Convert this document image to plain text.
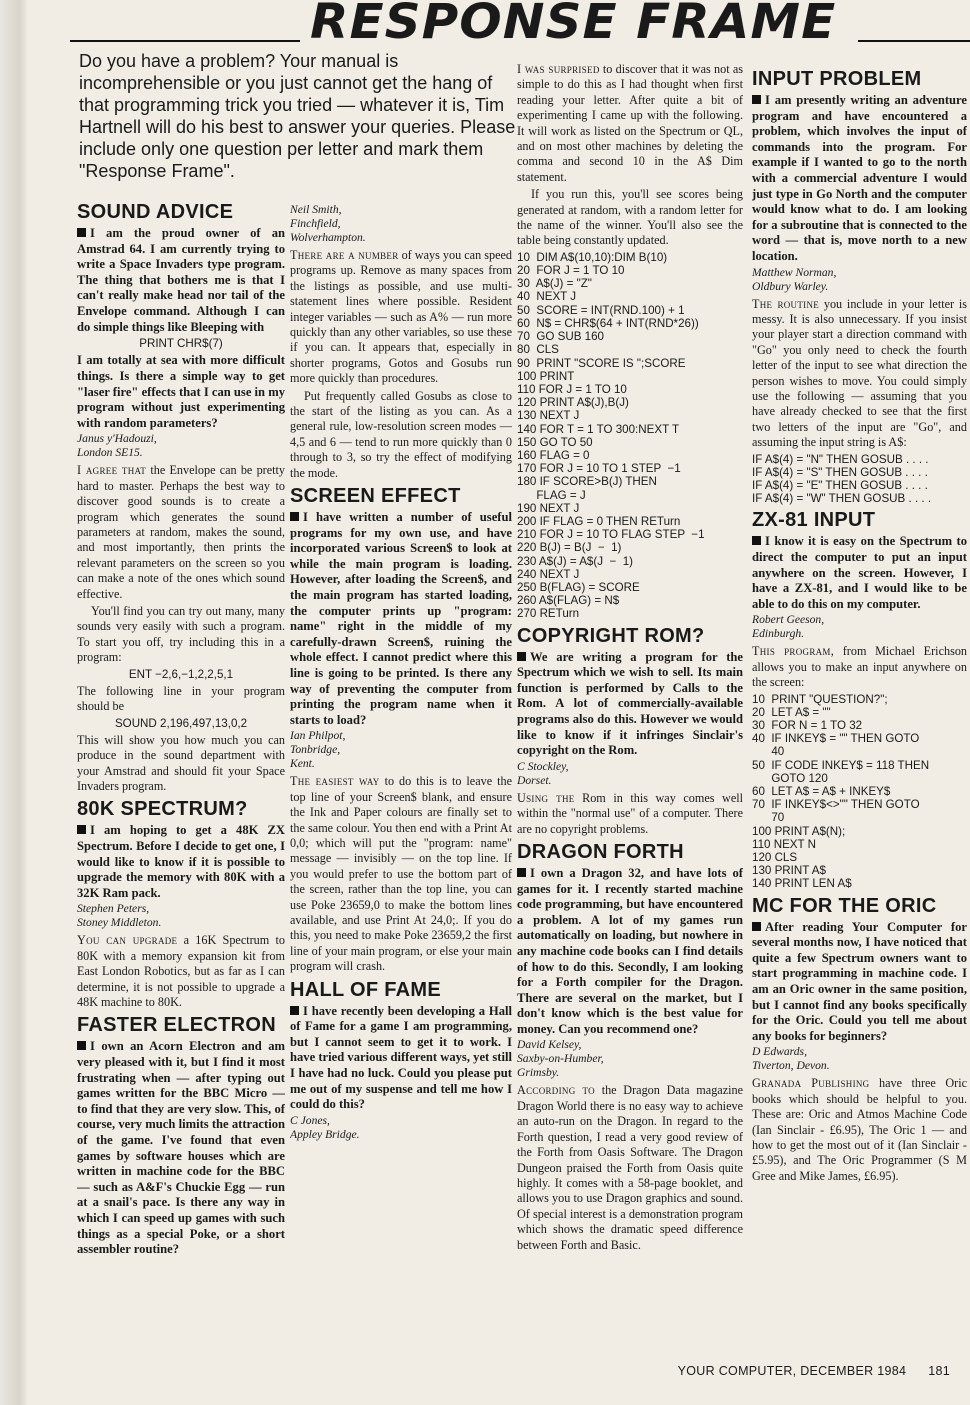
RESPONSE FRAME
Do you have a problem? Your manual is incomprehensible or you just cannot get the hang of that programming trick you tried — whatever it is, Tim Hartnell will do his best to answer your queries. Please include only one question per letter and mark them "Response Frame".
SOUND ADVICE

I am the proud owner of an Amstrad 64. I am currently trying to write a Space Invaders type program. The thing that bothers me is that I can't really make head nor tail of the Envelope command. Although I can do simple things like Bleeping with

PRINT CHR$(7)

I am totally at sea with more difficult things. Is there a simple way to get "laser fire" effects that I can use in my program without just experimenting with random parameters?

Janus y'Hadouzi,
London SE15.

I agree that the Envelope can be pretty hard to master. Perhaps the best way to discover good sounds is to create a program which generates the sound parameters at random, makes the sound, and most importantly, then prints the relevant parameters on the screen so you can make a note of the ones which sound effective.

You'll find you can try out many, many sounds very easily with such a program. To start you off, try including this in a program:

ENT −2,6,−1,2,2,5,1

The following line in your program should be

SOUND 2,196,497,13,0,2

This will show you how much you can produce in the sound department with your Amstrad and should fit your Space Invaders program.

80K SPECTRUM?

I am hoping to get a 48K ZX Spectrum. Before I decide to get one, I would like to know if it is possible to upgrade the memory with 80K with a 32K Ram pack.

Stephen Peters,
Stoney Middleton.

You can upgrade a 16K Spectrum to 80K with a memory expansion kit from East London Robotics, but as far as I can determine, it is not possible to upgrade a 48K machine to 80K.

FASTER ELECTRON

I own an Acorn Electron and am very pleased with it, but I find it most frustrating when — after typing out games written for the BBC Micro — to find that they are very slow. This, of course, very much limits the attraction of the game. I've found that even games by software houses which are written in machine code for the BBC — such as A&F's Chuckie Egg — run at a snail's pace. Is there any way in which I can speed up games with such things as a special Poke, or a short assembler routine?

Neil Smith,
Finchfield,
Wolverhampton.

There are a number of ways you can speed programs up. Remove as many spaces from the listings as possible, and use multi-statement lines where possible. Resident integer variables — such as A% — run more quickly than any other variables, so use these if you can. It appears that, especially in shorter programs, Gotos and Gosubs run more quickly than procedures.

Put frequently called Gosubs as close to the start of the listing as you can. As a general rule, low-resolution screen modes — 4,5 and 6 — tend to run more quickly than 0 through to 3, so try the effect of modifying the mode.

SCREEN EFFECT

I have written a number of useful programs for my own use, and have incorporated various Screen$ to look at while the main program is loading. However, after loading the Screen$, and the main program has started loading, the computer prints up "program: name" right in the middle of my carefully-drawn Screen$, ruining the whole effect. I cannot predict where this line is going to be printed. Is there any way of preventing the computer from printing the program name when it starts to load?

Ian Philpot,
Tonbridge,
Kent.

The easiest way to do this is to leave the top line of your Screen$ blank, and ensure the Ink and Paper colours are finally set to the same colour. You then end with a Print At 0,0; which will put the "program: name" message — invisibly — on the top line. If you would prefer to use the bottom part of the screen, rather than the top line, you can use Poke 23659,0 to make the bottom lines available, and use Print At 24,0;. If you do this, you need to make Poke 23659,2 the first line of your main program, or else your main program will crash.

HALL OF FAME

I have recently been developing a Hall of Fame for a game I am programming, but I cannot seem to get it to work. I have tried various different ways, yet still I have had no luck. Could you please put me out of my suspense and tell me how I could do this?

C Jones,
Appley Bridge.

I was surprised to discover that it was not as simple to do this as I had thought when first reading your letter. After quite a bit of experimenting I came up with the following. It will work as listed on the Spectrum or QL, and on most other machines by deleting the comma and second 10 in the A$ Dim statement.

If you run this, you'll see scores being generated at random, with a random letter for the name of the winner. You'll also see the table being constantly updated.

10  DIM A$(10,10):DIM B(10)
20  FOR J = 1 TO 10
30  A$(J) = "Z"
40  NEXT J
50  SCORE = INT(RND.100) + 1
60  N$ = CHR$(64 + INT(RND*26))
70  GO SUB 160
80  CLS
90  PRINT "SCORE IS ";SCORE
100 PRINT
110 FOR J = 1 TO 10
120 PRINT A$(J),B(J)
130 NEXT J
140 FOR T = 1 TO 300:NEXT T
150 GO TO 50
160 FLAG = 0
170 FOR J = 10 TO 1 STEP  −1
180 IF SCORE>B(J) THEN
FLAG = J
190 NEXT J
200 IF FLAG = 0 THEN RETurn
210 FOR J = 10 TO FLAG STEP  −1
220 B(J) = B(J  −  1)
230 A$(J) = A$(J  −  1)
240 NEXT J
250 B(FLAG) = SCORE
260 A$(FLAG) = N$
270 RETurn
COPYRIGHT ROM?

We are writing a program for the Spectrum which we wish to sell. Its main function is performed by Calls to the Rom. A lot of commercially-available programs also do this. However we would like to know if it infringes Sinclair's copyright on the Rom.

C Stockley,
Dorset.

Using the Rom in this way comes well within the "normal use" of a computer. There are no copyright problems.

DRAGON FORTH

I own a Dragon 32, and have lots of games for it. I recently started machine code programming, but have encountered a problem. A lot of my games run automatically on loading, but nowhere in any machine code books can I find details of how to do this. Secondly, I am looking for a Forth compiler for the Dragon. There are several on the market, but I don't know which is the best value for money. Can you recommend one?

David Kelsey,
Saxby-on-Humber,
Grimsby.

According to the Dragon Data magazine Dragon World there is no easy way to achieve an auto-run on the Dragon. In regard to the Forth question, I read a very good review of the Forth from Oasis Software. The Dragon Dungeon praised the Forth from Oasis quite highly. It comes with a 58-page booklet, and allows you to use Dragon graphics and sound. Of special interest is a demonstration program which shows the dramatic speed difference between Forth and Basic.

INPUT PROBLEM

I am presently writing an adventure program and have encountered a problem, which involves the input of commands into the program. For example if I wanted to go to the north with a commercial adventure I would just type in Go North and the computer would know what to do. I am looking for a subroutine that is connected to the word — that is, move north to a new location.

Matthew Norman,
Oldbury Warley.

The routine you include in your letter is messy. It is also unnecessary. If you insist your player start a direction command with "Go" you only need to check the fourth letter of the input to see what direction the person wishes to move. You could simply use the following — assuming that you have already checked to see that the first two letters of the input are "Go", and assuming the input string is A$:

IF A$(4) = "N" THEN GOSUB . . . .
IF A$(4) = "S" THEN GOSUB . . . .
IF A$(4) = "E" THEN GOSUB . . . .
IF A$(4) = "W" THEN GOSUB . . . .
ZX-81 INPUT

I know it is easy on the Spectrum to direct the computer to put an input anywhere on the screen. However, I have a ZX-81, and I would like to be able to do this on my computer.

Robert Geeson,
Edinburgh.

This program, from Michael Erichson allows you to make an input anywhere on the screen:

10  PRINT "QUESTION?";
20  LET A$ = ""
30  FOR N = 1 TO 32
40  IF INKEY$ = "" THEN GOTO
40
50  IF CODE INKEY$ = 118 THEN
GOTO 120
60  LET A$ = A$ + INKEY$
70  IF INKEY$<>"" THEN GOTO
70
100 PRINT A$(N);
110 NEXT N
120 CLS
130 PRINT A$
140 PRINT LEN A$
MC FOR THE ORIC

After reading Your Computer for several months now, I have noticed that quite a few Spectrum owners want to start programming in machine code. I am an Oric owner in the same position, but I cannot find any books specifically for the Oric. Could you tell me about any books for beginners?

D Edwards,
Tiverton, Devon.

Granada Publishing have three Oric books which should be helpful to you. These are: Oric and Atmos Machine Code (Ian Sinclair - £6.95), The Oric 1 — and how to get the most out of it (Ian Sinclair - £5.95), and The Oric Programmer (S M Gree and Mike James, £6.95).

YOUR COMPUTER, DECEMBER 1984 181
